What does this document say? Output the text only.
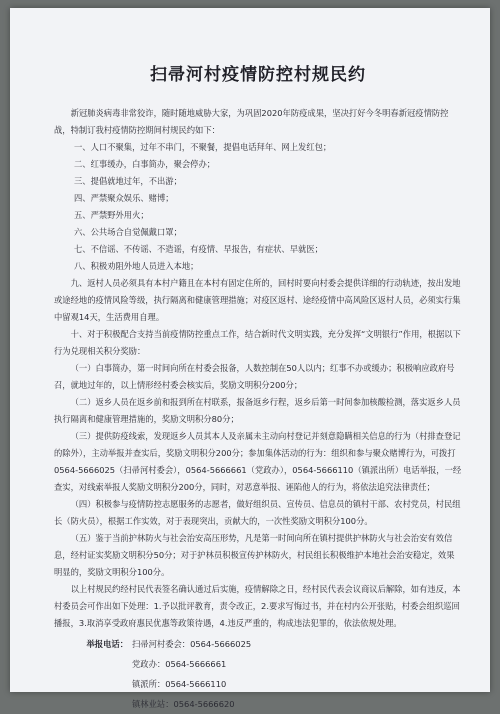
扫帚河村疫情防控村规民约

新冠肺炎病毒非常狡诈，随时随地威胁大家，为巩固2020年防疫成果，坚决打好今冬明春新冠疫情防控战，特制订我村疫情防控期间村规民约如下：

一、人口不聚集，过年不串门，不聚餐，提倡电话拜年、网上发红包；

二、红事缓办，白事简办，聚会停办；

三、提倡就地过年，不出游；

四、严禁聚众娱乐、赌博；

五、严禁野外用火；

六、公共场合自觉佩戴口罩；

七、不信谣、不传谣、不造谣，有疫情、早报告，有症状、早就医；

八、积极劝阻外地人员进入本地；

九、返村人员必须具有本村户籍且在本村有固定住所的，回村时要向村委会提供详细的行动轨迹，按出发地或途经地的疫情风险等级，执行隔离和健康管理措施；对疫区返村、途经疫情中高风险区返村人员，必须实行集中留观14天，生活费用自理。

十、对于积极配合支持当前疫情防控重点工作，结合新时代文明实践，充分发挥“文明银行”作用，根据以下行为兑现相关积分奖励：

（一）白事简办，第一时间向所在村委会报备，人数控制在50人以内；红事不办或缓办；积极响应政府号召，就地过年的，以上情形经村委会核实后，奖励文明积分200分；

（二）返乡人员在返乡前和报到所在村联系，报备返乡行程，返乡后第一时间参加核酸检测，落实返乡人员执行隔离和健康管理措施的，奖励文明积分80分；

（三）提供防疫线索，发现返乡人员其本人及亲属未主动向村登记并刻意隐瞒相关信息的行为（村排查登记的除外），主动举报并查实后，奖励文明积分200分；参加集体活动的行为：组织和参与聚众赌博行为，可拨打0564-5666025（扫帚河村委会），0564-5666661（党政办），0564-5666110（镇派出所）电话举报，一经查实，对线索举报人奖励文明积分200分，同时，对恶意举报、诬陷他人的行为，将依法追究法律责任；

（四）积极参与疫情防控志愿服务的志愿者，做好组织员、宣传员、信息员的镇村干部、农村党员，村民组长（防火员），根据工作实效，对于表现突出，贡献大的，一次性奖励文明积分100分。

（五）鉴于当前护林防火与社会治安高压形势，凡是第一时间向所在镇村提供护林防火与社会治安有效信息，经村证实奖励文明积分50分；对于护林员积极宣传护林防火，村民组长积极维护本地社会治安稳定，效果明显的，奖励文明积分100分。

以上村规民约经村民代表签名确认通过后实施，疫情解除之日，经村民代表会议商议后解除，如有违反，本村委员会可作出如下处理：1.予以批评教育，责令改正，2.要求写悔过书，并在村内公开张贴，村委会组织巡回播报，3.取消享受政府惠民优惠等政策待遇，4.违反严重的，构成违法犯罪的，依法依规处理。

举报电话： 扫帚河村委会：0564-5666025
党政办：0564-5666661
镇派所：0564-5666110
镇林业站：0564-5666620
